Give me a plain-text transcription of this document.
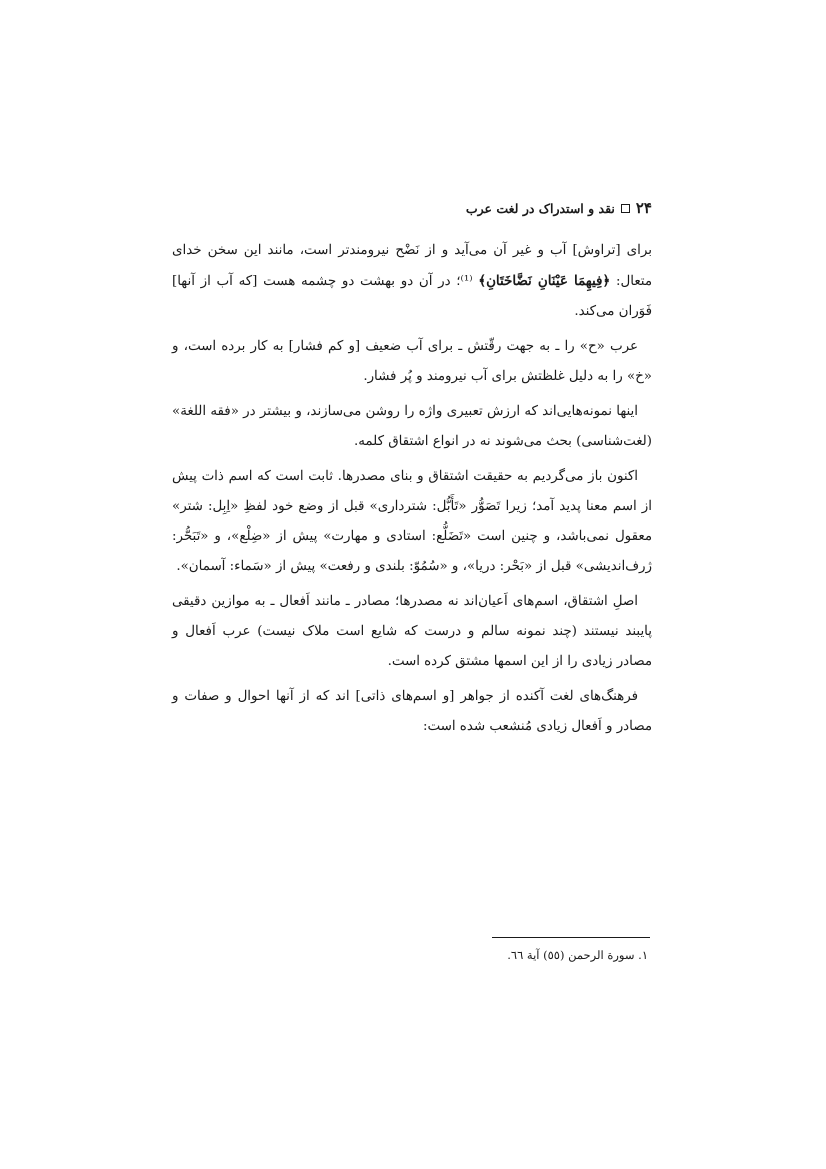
۲۴
نقد و استدراک در لغت عرب

برای [تراوش] آب و غیر آن می‌آید و از نَضْح نیرومندتر است، مانند این سخن خدای متعال: ﴿فِيهِمَا عَيْنَانِ نَضَّاخَتَانِ﴾ ⁽¹⁾؛ در آن دو بهشت دو چشمه هست [که آب از آنها] فَوَران می‌کند.

عرب «ح» را ـ به جهت رقّتش ـ برای آب ضعیف [و کم فشار] به کار برده است، و «خ» را به دلیل غلظتش برای آب نیرومند و پُر فشار.

اینها نمونه‌هایی‌اند که ارزش تعبیری واژه را روشن می‌سازند، و بیشتر در «فقه اللغة» (لغت‌شناسی) بحث می‌شوند نه در انواع اشتقاق کلمه.

اکنون باز می‌گردیم به حقیقت اشتقاق و بنای مصدرها. ثابت است که اسم ذات پیش از اسم معنا پدید آمد؛ زیرا تَصَوُّر «تَأَبُّل: شترداری» قبل از وضع خود لفظِ «اِبِل: شتر» معقول نمی‌باشد، و چنین است «تَضَلُّع: استادی و مهارت» پیش از «ضِلْع»، و «تَبَحُّر: ژرف‌اندیشی» قبل از «بَحْر: دریا»، و «سُمُوّ: بلندی و رفعت» پیش از «سَماء: آسمان».

اصلِ اشتقاق، اسم‌های اَعیان‌اند نه مصدرها؛ مصادر ـ مانند اَفعال ـ به موازین دقیقی پایبند نیستند (چند نمونه سالم و درست که شایع است ملاک نیست) عرب اَفعال و مصادر زیادی را از این اسمها مشتق کرده است.

فرهنگ‌های لغت آکنده از جواهر [و اسم‌های ذاتی] اند که از آنها احوال و صفات و مصادر و اَفعال زیادی مُنشعب شده است:

۱. سورة الرحمن (٥٥) آية ٦٦.
